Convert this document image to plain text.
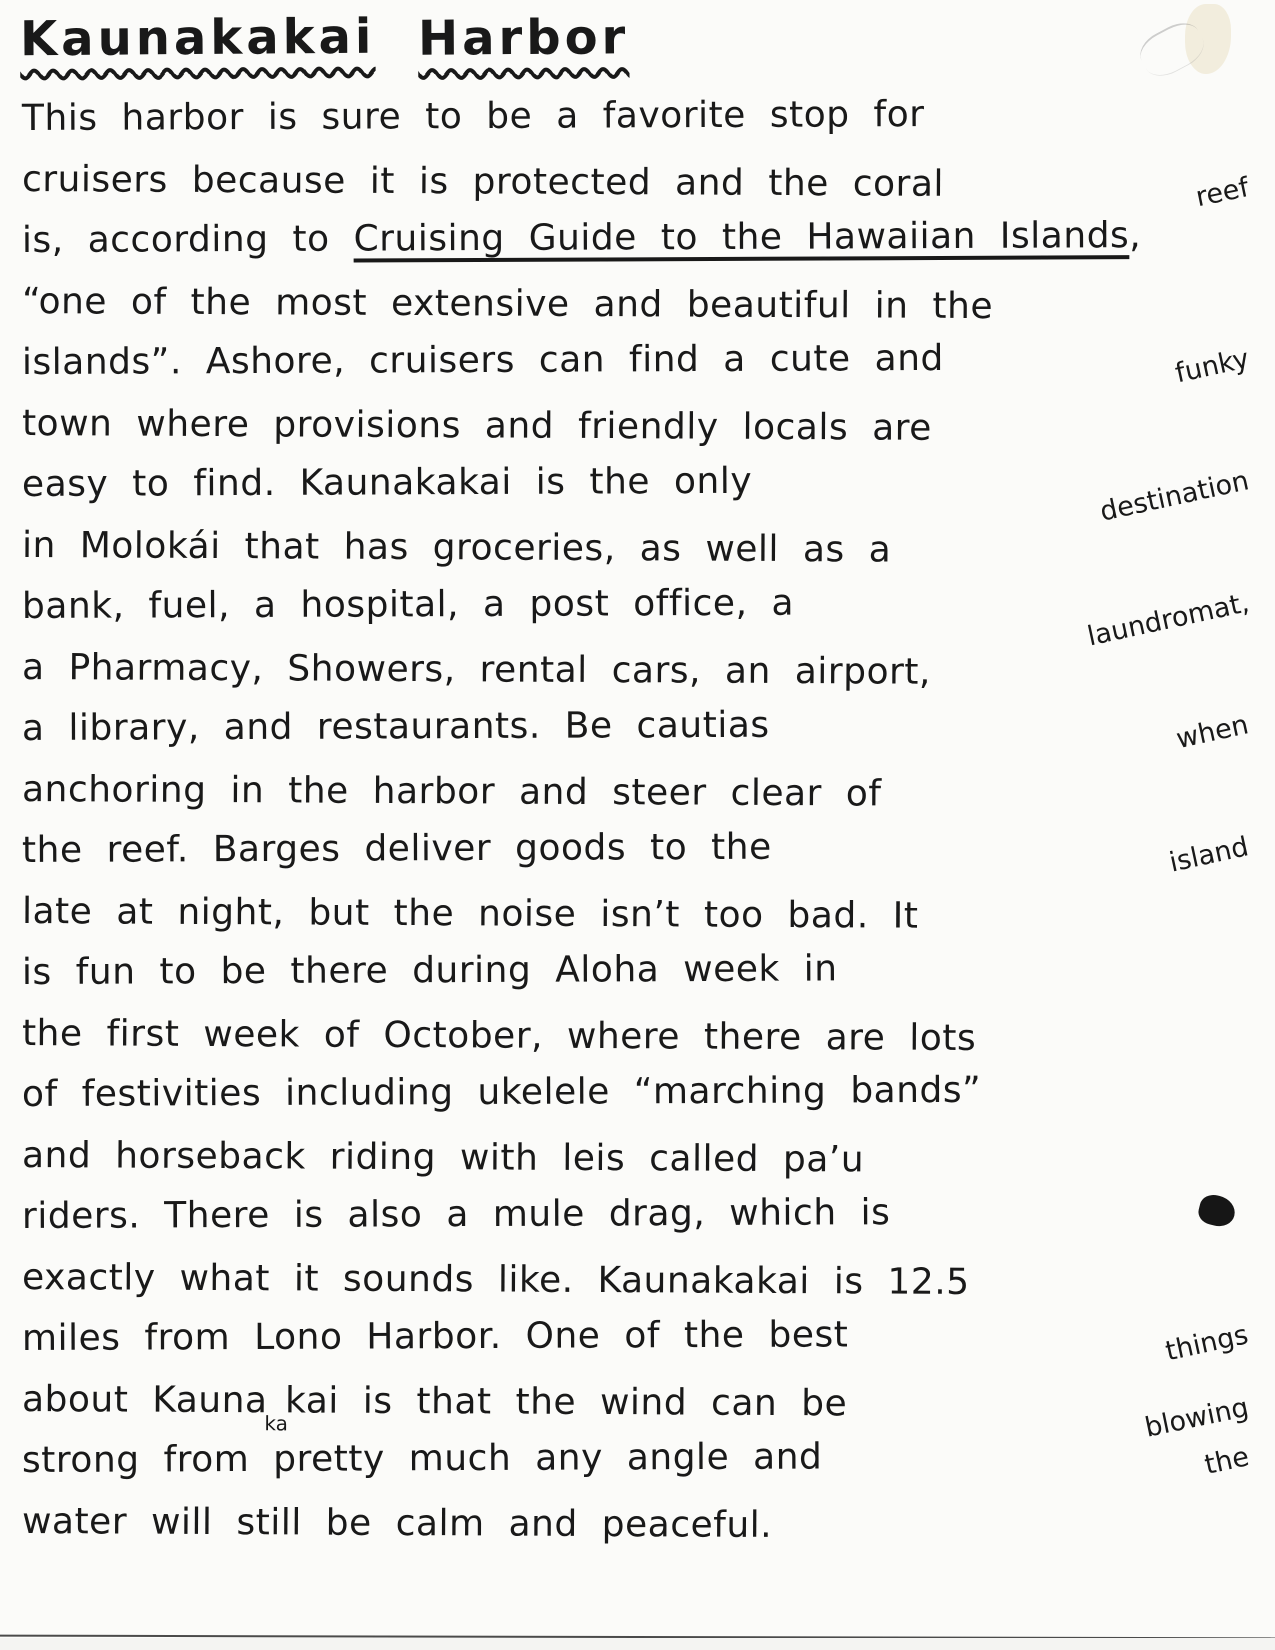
Kaunakakai Harbor
This harbor is sure to be a favorite stop for
cruisers because it is protected and the coral	reef
is, according to Cruising Guide to the Hawaiian Islands,
“one of the most extensive and beautiful in the
islands”. Ashore, cruisers can find a cute and	funky
town where provisions and friendly locals are
easy to find. Kaunakakai is the only	destination
in Molokái that has groceries, as well as a
bank, fuel, a hospital, a post office, a	laundromat,
a Pharmacy, Showers, rental cars, an airport,
a library, and restaurants. Be cautias	when
anchoring in the harbor and steer clear of
the reef. Barges deliver goods to the	island
late at night, but the noise isn’t too bad. It
is fun to be there during Aloha week in
the first week of October, where there are lots
of festivities including ukelele “marching bands”
and horseback riding with leis called pa’u
riders. There is also a mule drag, which is
exactly what it sounds like. Kaunakakai is 12.5
miles from Lono Harbor. One of the best	things
about Kaunakakai is that the wind can be	blowing
strong from pretty much any angle and	the
water will still be calm and peaceful.
